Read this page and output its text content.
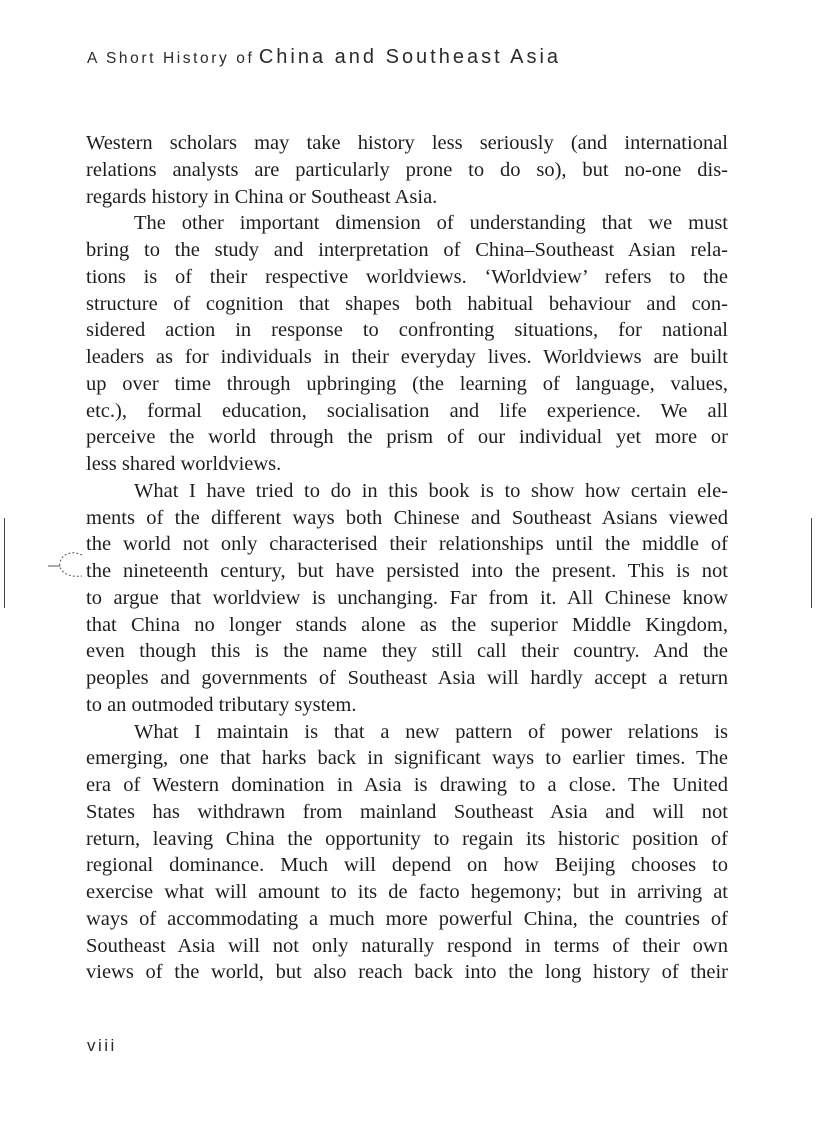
A Short History of China and Southeast Asia
Western scholars may take history less seriously (and international
relations analysts are particularly prone to do so), but no-one dis-
regards history in China or Southeast Asia.
The other important dimension of understanding that we must
bring to the study and interpretation of China–Southeast Asian rela-
tions is of their respective worldviews. ‘Worldview’ refers to the
structure of cognition that shapes both habitual behaviour and con-
sidered action in response to confronting situations, for national
leaders as for individuals in their everyday lives. Worldviews are built
up over time through upbringing (the learning of language, values,
etc.), formal education, socialisation and life experience. We all
perceive the world through the prism of our individual yet more or
less shared worldviews.
What I have tried to do in this book is to show how certain ele-
ments of the different ways both Chinese and Southeast Asians viewed
the world not only characterised their relationships until the middle of
the nineteenth century, but have persisted into the present. This is not
to argue that worldview is unchanging. Far from it. All Chinese know
that China no longer stands alone as the superior Middle Kingdom,
even though this is the name they still call their country. And the
peoples and governments of Southeast Asia will hardly accept a return
to an outmoded tributary system.
What I maintain is that a new pattern of power relations is
emerging, one that harks back in significant ways to earlier times. The
era of Western domination in Asia is drawing to a close. The United
States has withdrawn from mainland Southeast Asia and will not
return, leaving China the opportunity to regain its historic position of
regional dominance. Much will depend on how Beijing chooses to
exercise what will amount to its de facto hegemony; but in arriving at
ways of accommodating a much more powerful China, the countries of
Southeast Asia will not only naturally respond in terms of their own
views of the world, but also reach back into the long history of their
viii
